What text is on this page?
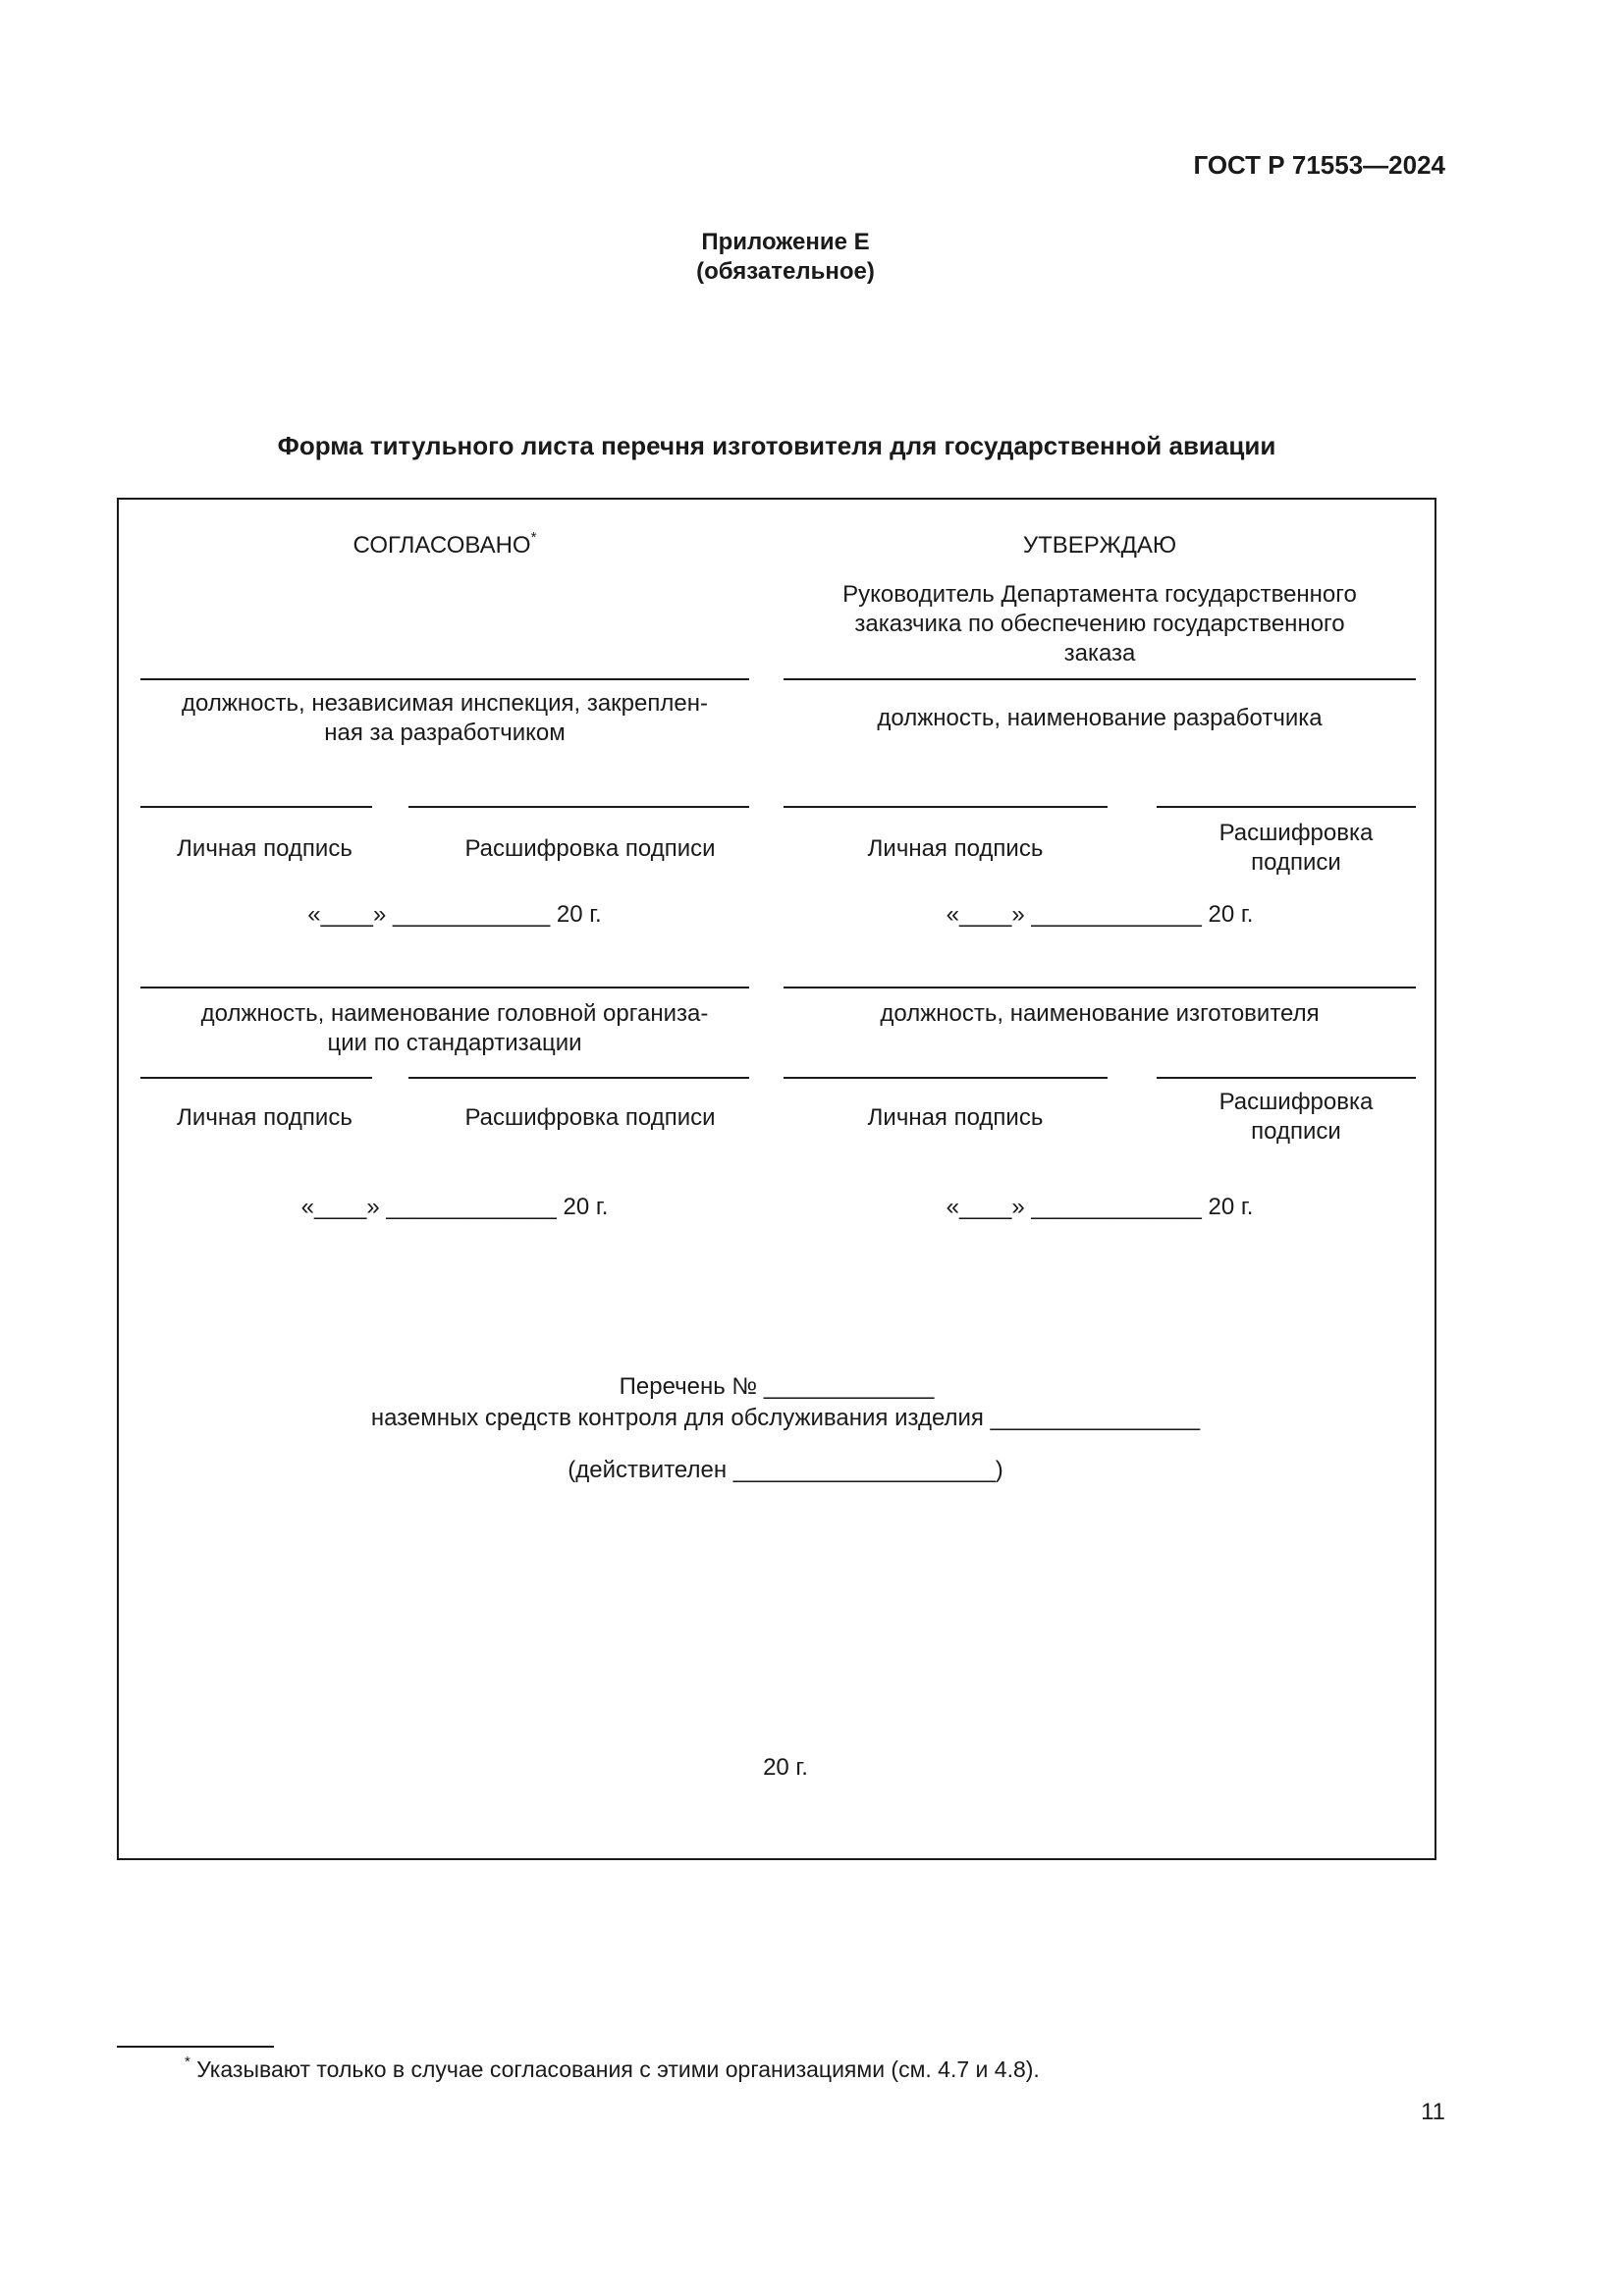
ГОСТ Р 71553—2024
Приложение Е
(обязательное)
Форма титульного листа перечня изготовителя для государственной авиации
СОГЛАСОВАНО*
должность, независимая инспекция, закреплен-
ная за разработчиком
Личная подпись	Расшифровка подписи
«____» ____________ 20 г.
должность, наименование головной организа-
ции по стандартизации
Личная подпись	Расшифровка подписи
«____» _____________ 20 г.
УТВЕРЖДАЮ
Руководитель Департамента государственного
заказчика по обеспечению государственного
заказа
должность, наименование разработчика
Личная подпись
Расшифровка
подписи
«____» _____________ 20 г.
должность, наименование изготовителя
Личная подпись
Расшифровка
подписи
«____» _____________ 20 г.
Перечень № _____________
наземных средств контроля для обслуживания изделия ________________
(действителен ____________________)
20 г.
* Указывают только в случае согласования с этими организациями (см. 4.7 и 4.8).
11
